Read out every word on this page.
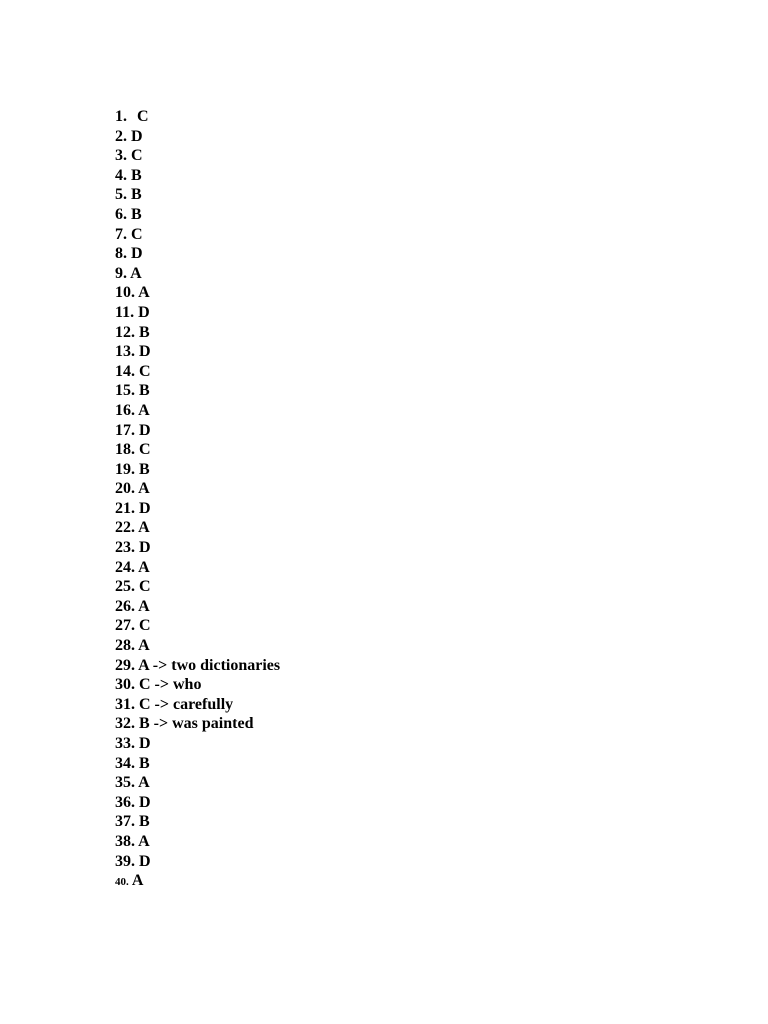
1. C
2. D
3. C
4. B
5. B
6. B
7. C
8. D
9. A
10. A
11. D
12. B
13. D
14. C
15. B
16. A
17. D
18. C
19. B
20. A
21. D
22. A
23. D
24. A
25. C
26. A
27. C
28. A
29. A -> two dictionaries
30. C -> who
31. C -> carefully
32. B -> was painted
33. D
34. B
35. A
36. D
37. B
38. A
39. D
40. A
